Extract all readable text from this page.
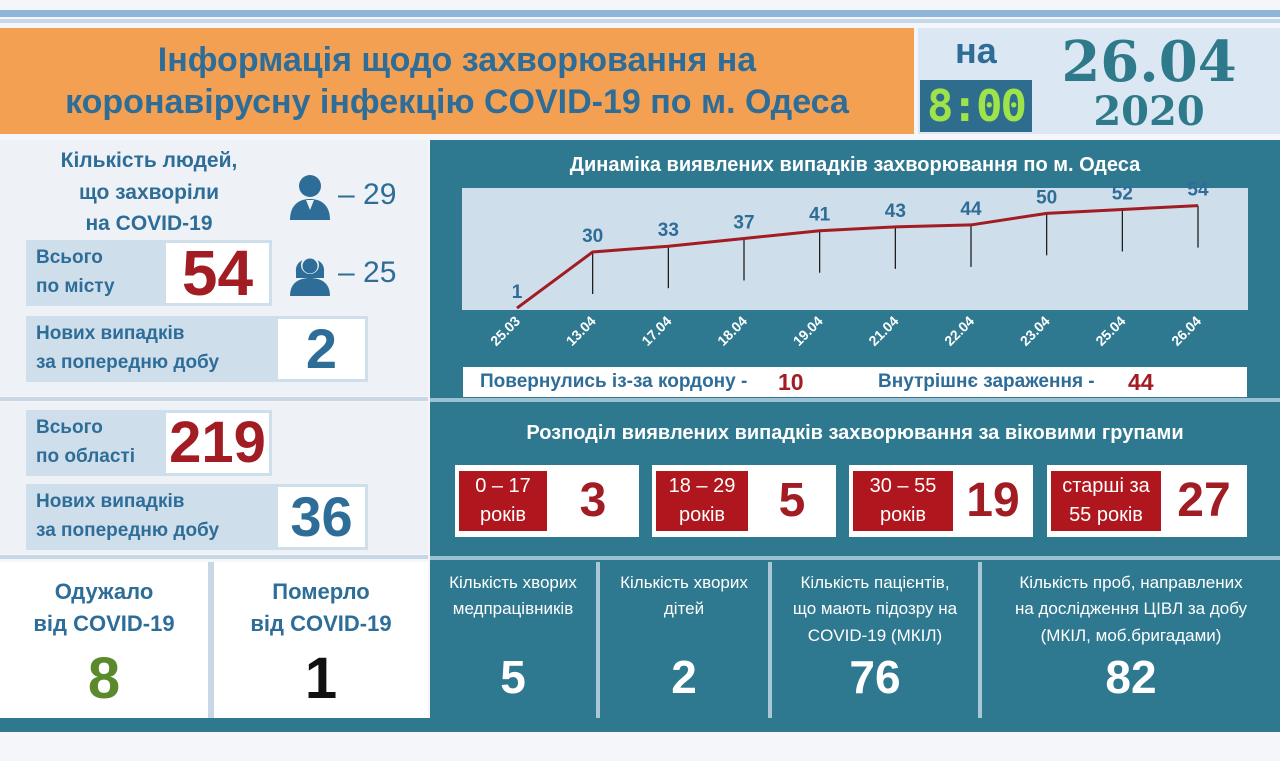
Інформація щодо захворювання на
коронавірусну інфекцію COVID-19 по м. Одеса
на
8:00
26.04
2020
Кількість людей,
що захворіли
на COVID-19
– 29
– 25
Всього
по місту 54
Нових випадків
за попередню добу 2
Всього
по області 219
Нових випадків
за попередню добу 36
Одужало
від COVID-19
8
Померло
від COVID-19
1
Динаміка виявлених випадків захворювання по м. Одеса
1
30	33	37	41	43	44
50	52	54
25.03	13.04	17.04	18.04	19.04	21.04	22.04	23.04	25.04	26.04
Повернулись із-за кордону - 10	Внутрішнє зараження - 44
Розподіл виявлених випадків захворювання за віковими групами
0 – 17
років	3	18 – 29
років	5	30 – 55
років 19	старші за
55 років 27
Кількість хворих
медпрацівників
5
Кількість хворих
дітей
2
Кількість пацієнтів,
що мають підозру на
COVID-19 (МКІЛ)
76
Кількість проб, направлених
на дослідження ЦІВЛ за добу
(МКІЛ, моб.бригадами)
82
